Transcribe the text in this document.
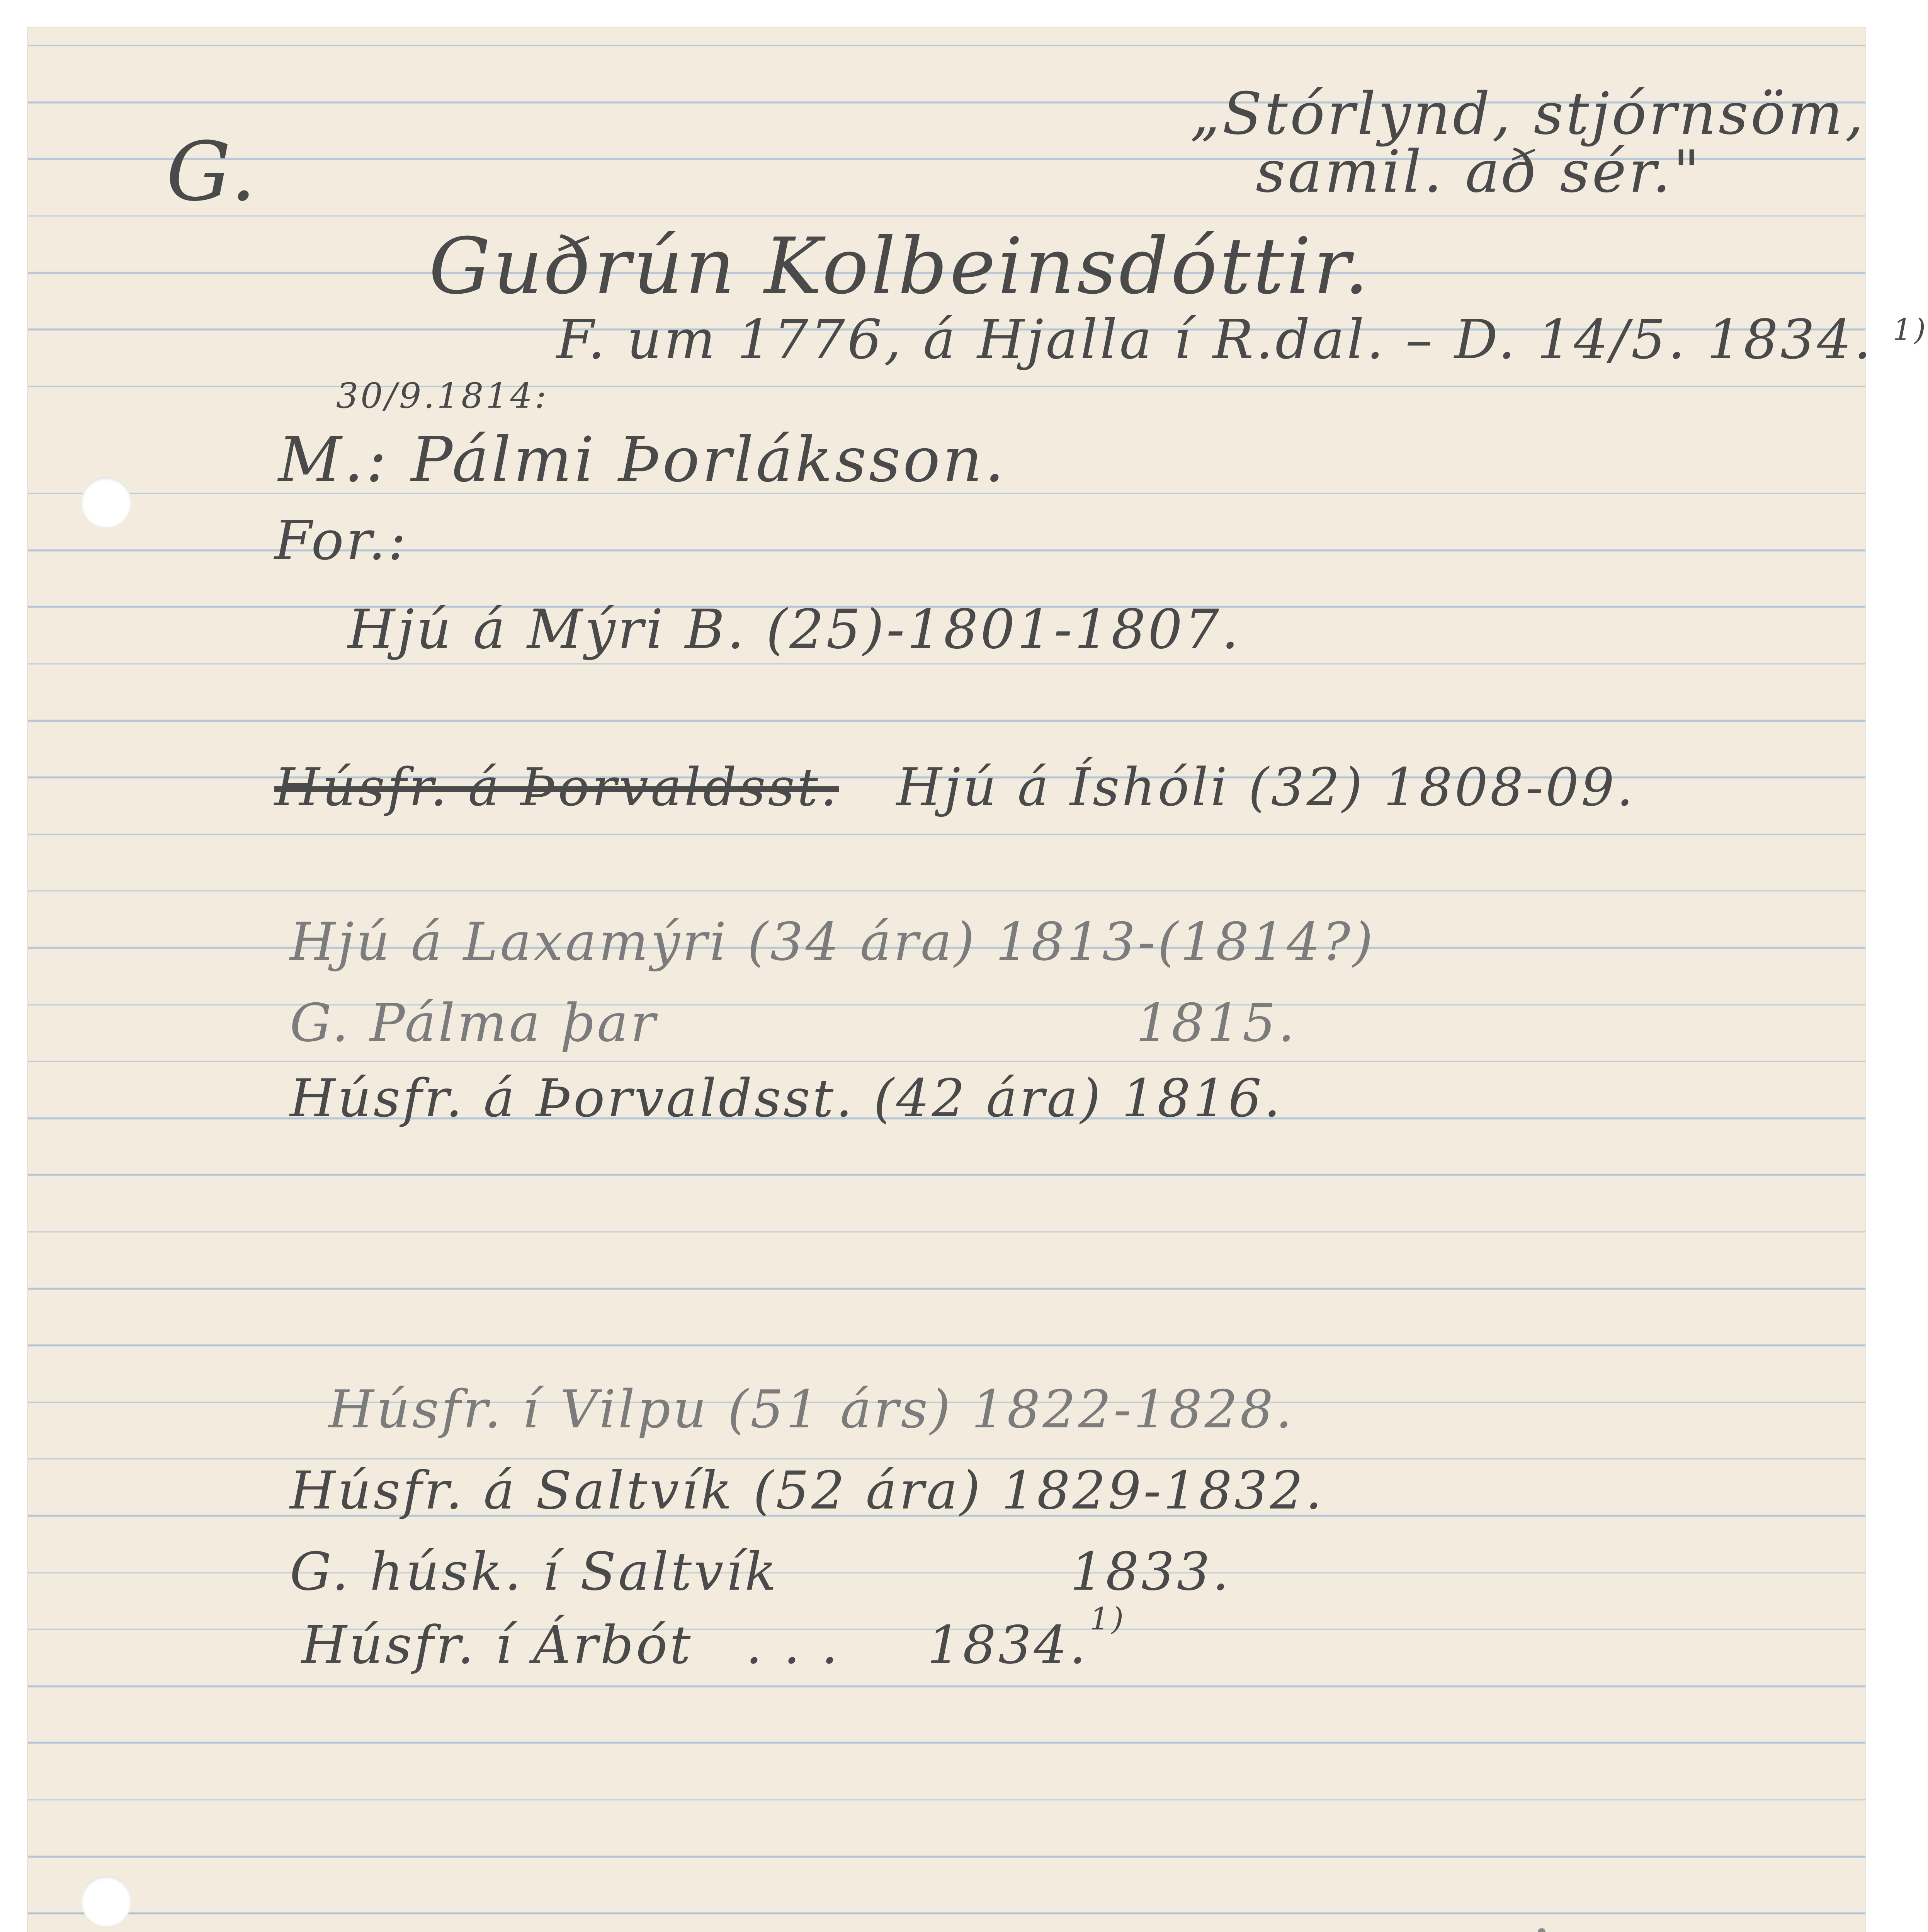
G.
„Stórlynd, stjórnsöm,
samil. að sér."
Guðrún Kolbeinsdóttir.
F. um 1776, á Hjalla í R.dal. – D. 14/5. 1834. $^{1)}$
30/9.1814:
M.: Pálmi Þorláksson.
For.:
Hjú á Mýri B. (25)-1801-1807.
Húsfr. á Þorvaldsst. Hjú á Íshóli (32) 1808-09.
Hjú á Laxamýri (34 ára) 1813-(1814?)
G. Pálma þar	1815.
Húsfr. á Þorvaldsst. (42 ára) 1816.
Húsfr. í Vilpu (51 árs) 1822-1828.
Húsfr. á Saltvík (52 ára) 1829-1832.
G. húsk. í Saltvík	1833.
Húsfr. í Árbót . . . 1834. 1)
